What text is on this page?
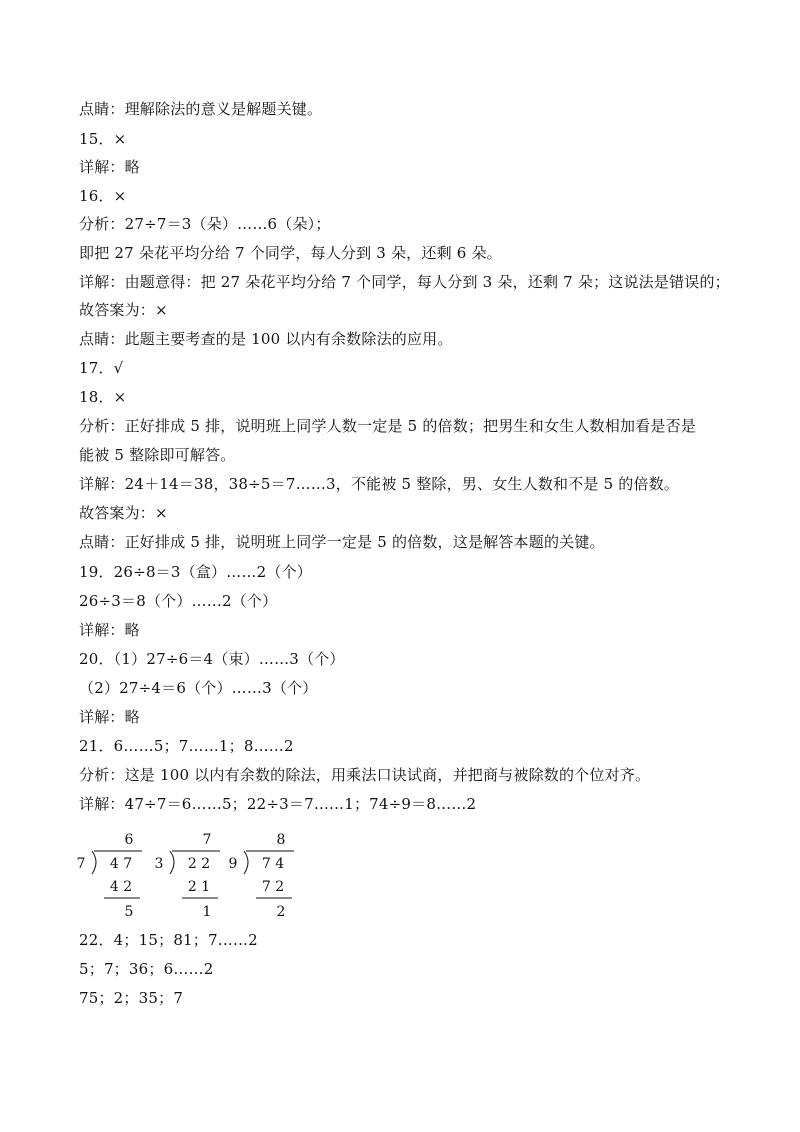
点睛：理解除法的意义是解题关键。
15．×
详解：略
16．×
分析：27÷7＝3（朵）……6（朵）；
即把 27 朵花平均分给 7 个同学，每人分到 3 朵，还剩 6 朵。
详解：由题意得：把 27 朵花平均分给 7 个同学，每人分到 3 朵，还剩 7 朵；这说法是错误的；
故答案为：×
点睛：此题主要考查的是 100 以内有余数除法的应用。
17．√
18．×
分析：正好排成 5 排，说明班上同学人数一定是 5 的倍数；把男生和女生人数相加看是否是
能被 5 整除即可解答。
详解：24＋14＝38，38÷5＝7……3，不能被 5 整除，男、女生人数和不是 5 的倍数。
故答案为：×
点睛：正好排成 5 排，说明班上同学一定是 5 的倍数，这是解答本题的关键。
19．26÷8＝3（盒）……2（个）
26÷3＝8（个）……2（个）
详解：略
20．（1）27÷6＝4（束）……3（个）
（2）27÷4＝6（个）……3（个）
详解：略
21．6……5；7……1；8……2
分析：这是 100 以内有余数的除法，用乘法口诀试商，并把商与被除数的个位对齐。
详解：47÷7＝6……5；22÷3＝7……1；74÷9＝8……2
7
6
4 7
4 2
5
3
7
2 2
2 1
1
9
8
7 4
7 2
2
22．4；15；81；7……2
5；7；36；6……2
75；2；35；7
